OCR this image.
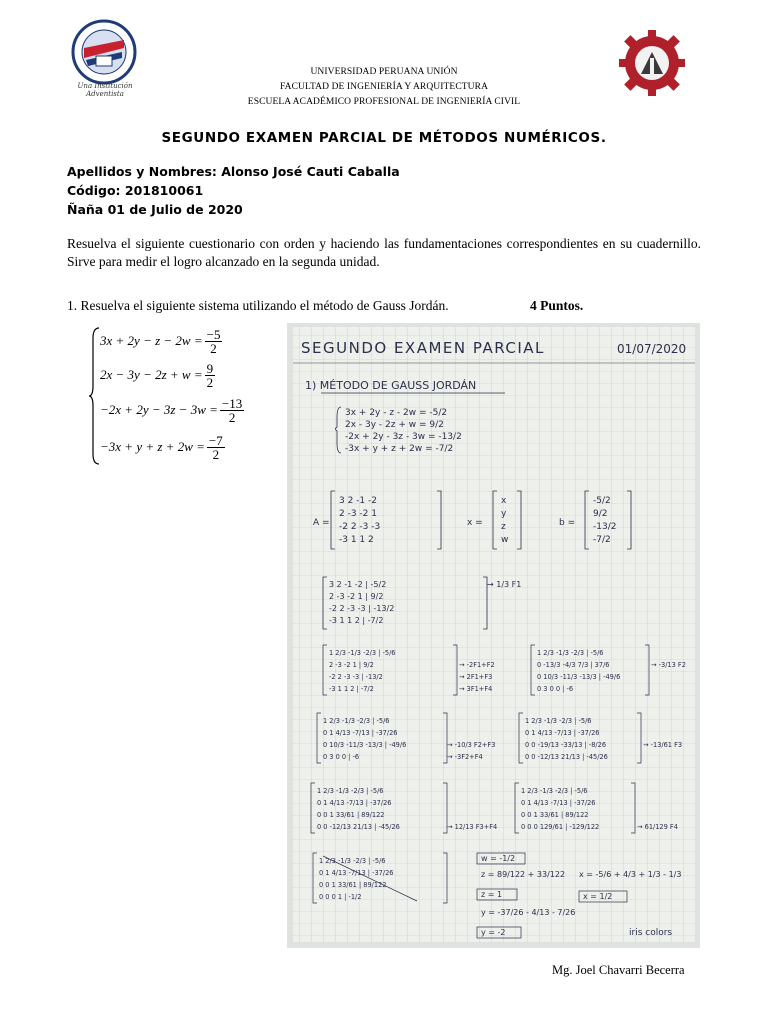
Una Institución Adventista
UNIVERSIDAD PERUANA UNIÓN
FACULTAD DE INGENIERÍA Y ARQUITECTURA
ESCUELA ACADÉMICO PROFESIONAL DE INGENIERÍA CIVIL
SEGUNDO EXAMEN PARCIAL DE MÉTODOS NUMÉRICOS.
Apellidos y Nombres: Alonso José Cauti Caballa
Código: 201810061
Ñaña 01 de Julio de 2020
Resuelva el siguiente cuestionario con orden y haciendo las fundamentaciones correspondientes en su cuadernillo. Sirve para medir el logro alcanzado en la segunda unidad.
1. Resuelva el siguiente sistema utilizando el método de Gauss Jordán.	4 Puntos.
$3x + 2y - z - 2w = \frac{-5}{2}$
$2x - 3y - 2z + w = \frac{9}{2}$
$-2x + 2y - 3z - 3w = \frac{-13}{2}$
$-3x + y + z + 2w = \frac{-7}{2}$
SEGUNDO EXAMEN PARCIAL	01/07/2020
1) MÉTODO DE GAUSS JORDÁN
3x + 2y - z - 2w = -5/2
2x - 3y - 2z + w = 9/2
-2x + 2y - 3z - 3w = -13/2
-3x + y + z + 2w = -7/2
A =
3 2 -1 -2
2 -3 -2 1
-2 2 -3 -3
-3 1 1 2
x =
x
y
z
w
b =
-5/2
9/2
-13/2
-7/2
3 2 -1 -2 | -5/2
2 -3 -2 1 | 9/2
-2 2 -3 -3 | -13/2
-3 1 1 2 | -7/2
→ 1/3 F1
1 2/3 -1/3 -2/3 | -5/6
2 -3 -2 1 | 9/2
-2 2 -3 -3 | -13/2
-3 1 1 2 | -7/2
→ -2F1+F2
→ 2F1+F3
→ 3F1+F4
1 2/3 -1/3 -2/3 | -5/6
0 -13/3 -4/3 7/3 | 37/6
0 10/3 -11/3 -13/3 | -49/6
0 3 0 0 | -6
→ -3/13 F2
1 2/3 -1/3 -2/3 | -5/6
0 1 4/13 -7/13 | -37/26
0 10/3 -11/3 -13/3 | -49/6
0 3 0 0 | -6
→ -10/3 F2+F3
→ -3F2+F4
1 2/3 -1/3 -2/3 | -5/6
0 1 4/13 -7/13 | -37/26
0 0 -19/13 -33/13 | -8/26
0 0 -12/13 21/13 | -45/26
→ -13/61 F3
1 2/3 -1/3 -2/3 | -5/6
0 1 4/13 -7/13 | -37/26
0 0 1 33/61 | 89/122
0 0 -12/13 21/13 | -45/26	→ 12/13 F3+F4
1 2/3 -1/3 -2/3 | -5/6
0 1 4/13 -7/13 | -37/26
0 0 1 33/61 | 89/122
0 0 0 129/61 | -129/122	→ 61/129 F4
1 2/3 -1/3 -2/3 | -5/6
0 1 4/13 -7/13 | -37/26
0 0 1 33/61 | 89/122
0 0 0 1 | -1/2
w = -1/2
z = 89/122 + 33/122
z = 1
y = -37/26 - 4/13 - 7/26
y = -2
x = -5/6 + 4/3 + 1/3 - 1/3
x = 1/2
iris colors
Mg. Joel Chavarri Becerra
